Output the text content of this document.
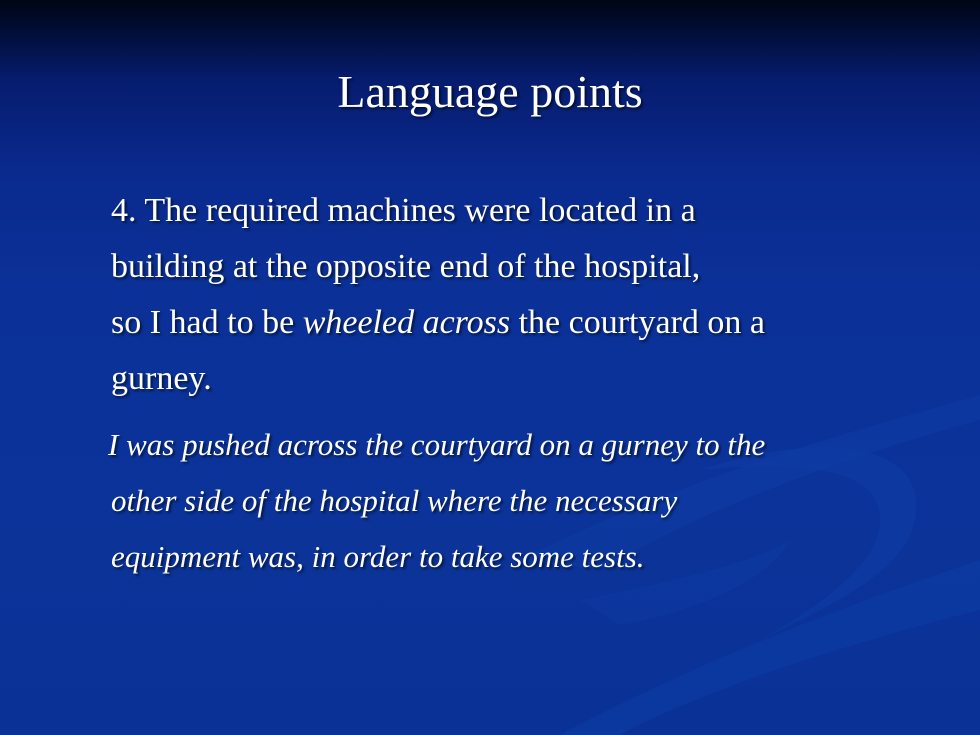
Language points

4. The required machines were located in a
building at the opposite end of the hospital,
so I had to be wheeled across the courtyard on a
gurney.

I was pushed across the courtyard on a gurney to the
other side of the hospital where the necessary
equipment was, in order to take some tests.
